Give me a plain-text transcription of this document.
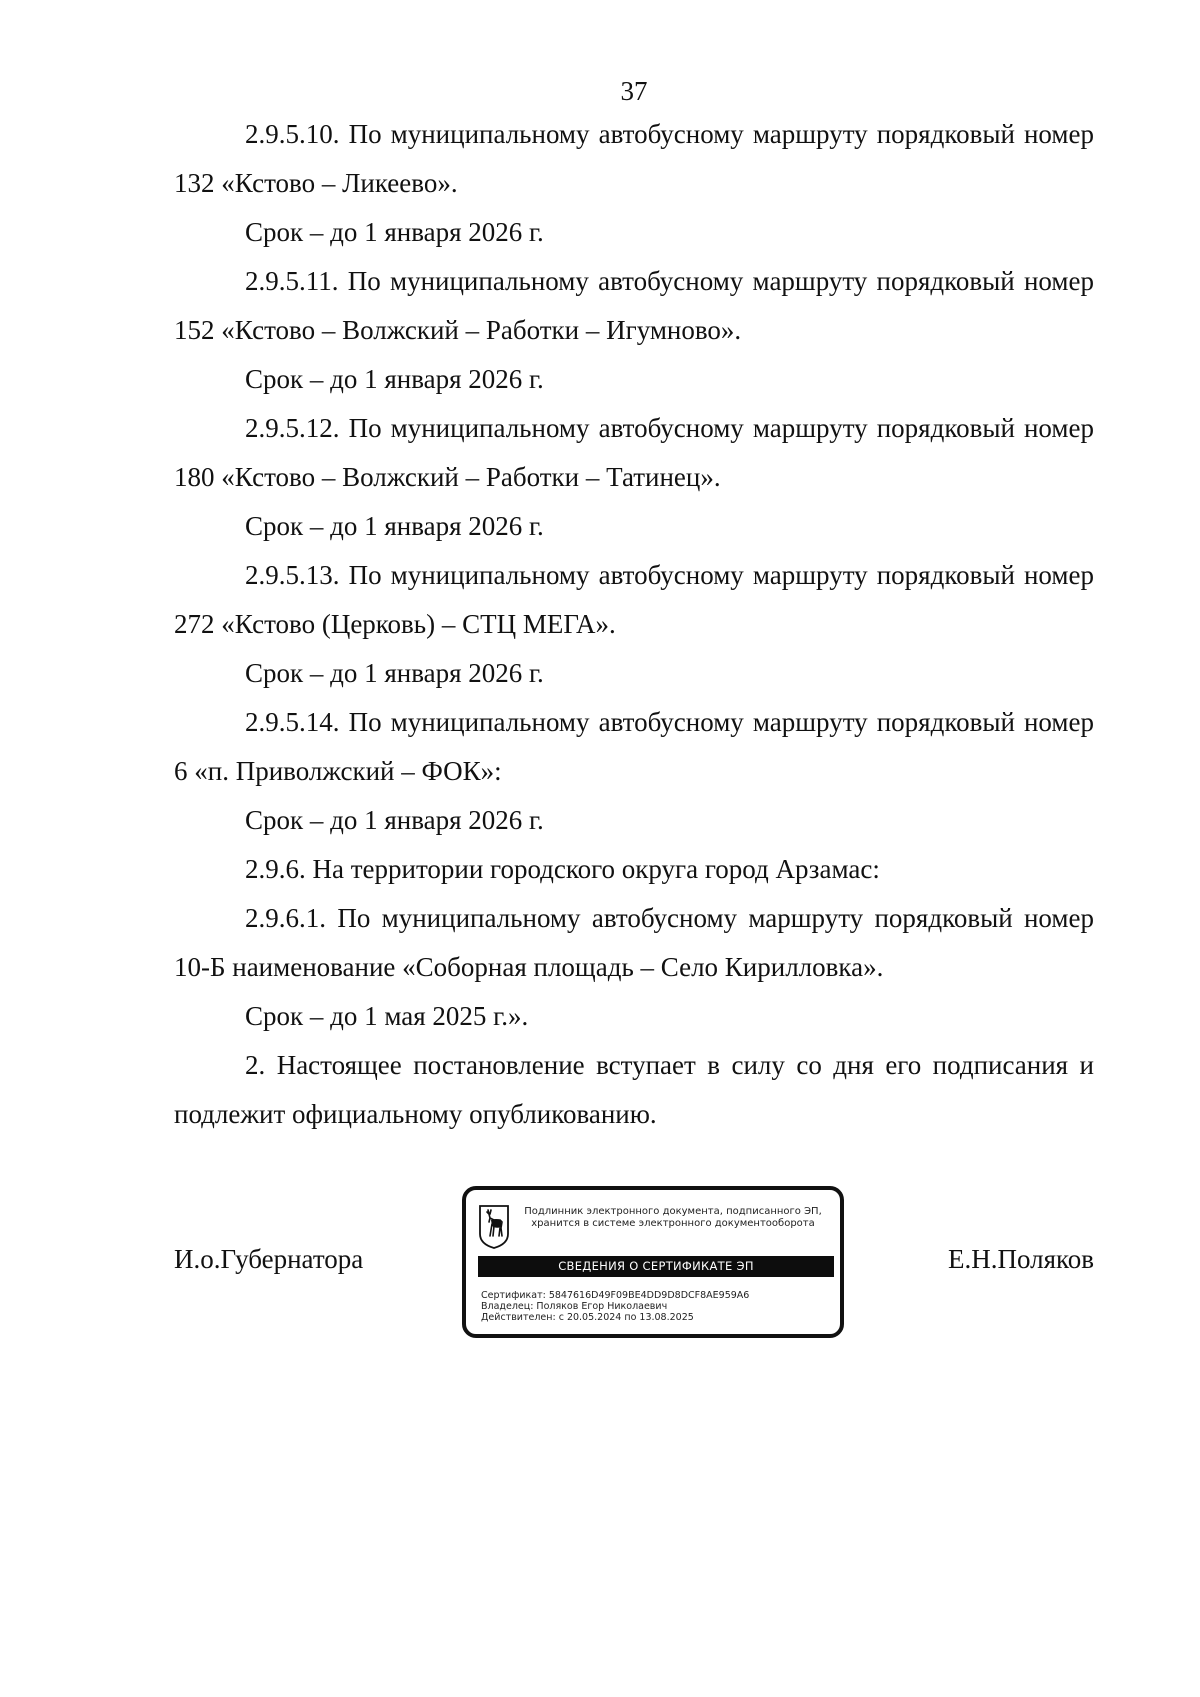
37

2.9.5.10. По муниципальному автобусному маршруту порядковый номер 132 «Кстово – Ликеево».

Срок – до 1 января 2026 г.

2.9.5.11. По муниципальному автобусному маршруту порядковый номер 152 «Кстово – Волжский – Работки – Игумново».

Срок – до 1 января 2026 г.

2.9.5.12. По муниципальному автобусному маршруту порядковый номер 180 «Кстово – Волжский – Работки – Татинец».

Срок – до 1 января 2026 г.

2.9.5.13. По муниципальному автобусному маршруту порядковый номер 272 «Кстово (Церковь) – СТЦ МЕГА».

Срок – до 1 января 2026 г.

2.9.5.14. По муниципальному автобусному маршруту порядковый номер 6 «п. Приволжский – ФОК»:

Срок – до 1 января 2026 г.

2.9.6. На территории городского округа город Арзамас:

2.9.6.1. По муниципальному автобусному маршруту порядковый номер 10-Б наименование «Соборная площадь – Село Кирилловка».

Срок – до 1 мая 2025 г.».

2. Настоящее постановление вступает в силу со дня его подписания и подлежит официальному опубликованию.

И.о.Губернатора	Е.Н.Поляков
Подлинник электронного документа, подписанного ЭП,
хранится в системе электронного документооборота
СВЕДЕНИЯ О СЕРТИФИКАТЕ ЭП
Сертификат: 5847616D49F09BE4DD9D8DCF8AE959A6
Владелец: Поляков Егор Николаевич
Действителен: с 20.05.2024 по 13.08.2025
